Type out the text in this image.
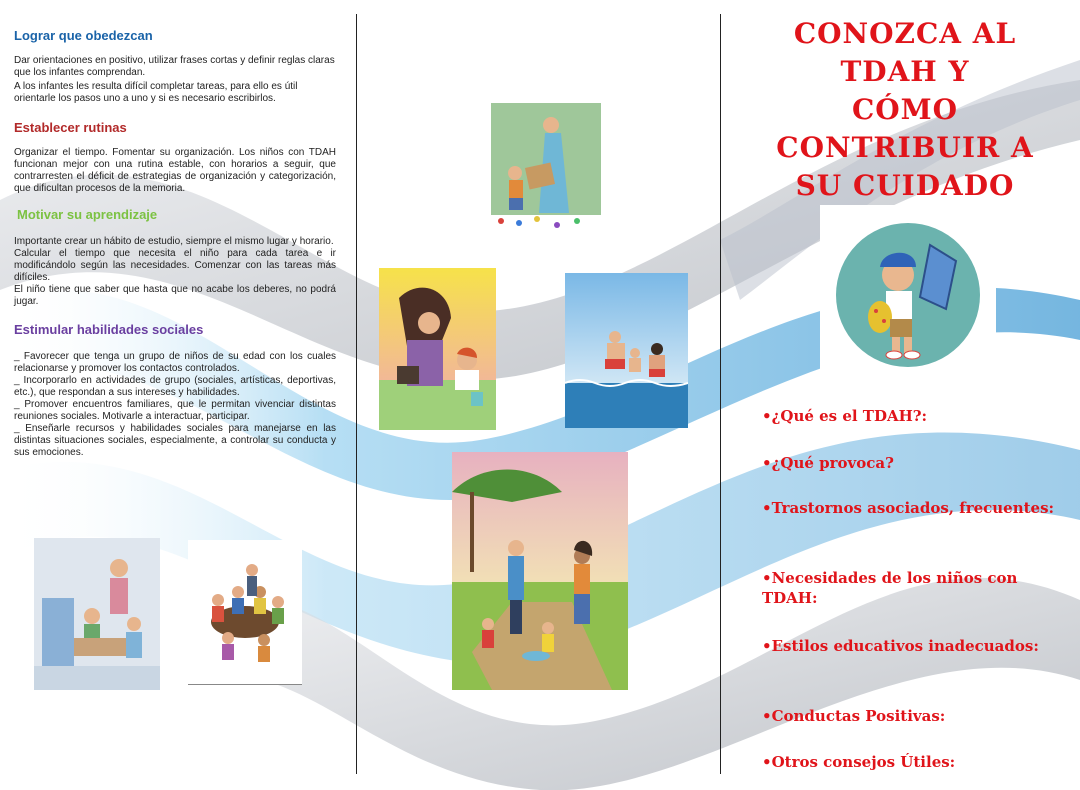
Lograr que obedezcan

Dar orientaciones en positivo, utilizar frases cortas y definir reglas claras que los infantes comprendan.

A los infantes les resulta difícil completar tareas, para ello es útil orientarle los pasos uno a uno y si es necesario escribirlos.

Establecer rutinas

Organizar el tiempo. Fomentar su organización. Los niños con TDAH funcionan mejor con una rutina estable, con horarios a seguir, que contrarresten el déficit de estrategias de organización y categorización, que dificultan procesos de la memoria.

Motivar su aprendizaje

Importante crear un hábito de estudio, siempre el mismo lugar y horario.

Calcular el tiempo que necesita el niño para cada tarea e ir modificándolo según las necesidades. Comenzar con las tareas más difíciles.

El niño tiene que saber que hasta que no acabe los deberes, no podrá jugar.

Estimular habilidades sociales

_ Favorecer que tenga un grupo de niños de su edad con los cuales relacionarse y promover los contactos controlados.

_ Incorporarlo en actividades de grupo (sociales, artísticas, deportivas, etc.), que respondan a sus intereses y habilidades.

_ Promover encuentros familiares, que le permitan vivenciar distintas reuniones sociales. Motivarle a interactuar, participar.

_ Enseñarle recursos y habilidades sociales para manejarse en las distintas situaciones sociales, especialmente, a controlar su conducta y sus emociones.

CONOZCA AL
TDAH Y
CÓMO
CONTRIBUIR A
SU CUIDADO
•¿Qué es el TDAH?:
•¿Qué provoca?
•Trastornos asociados, frecuentes:
•Necesidades de los niños con TDAH:
•Estilos educativos inadecuados:
•Conductas Positivas:
•Otros consejos Útiles:
